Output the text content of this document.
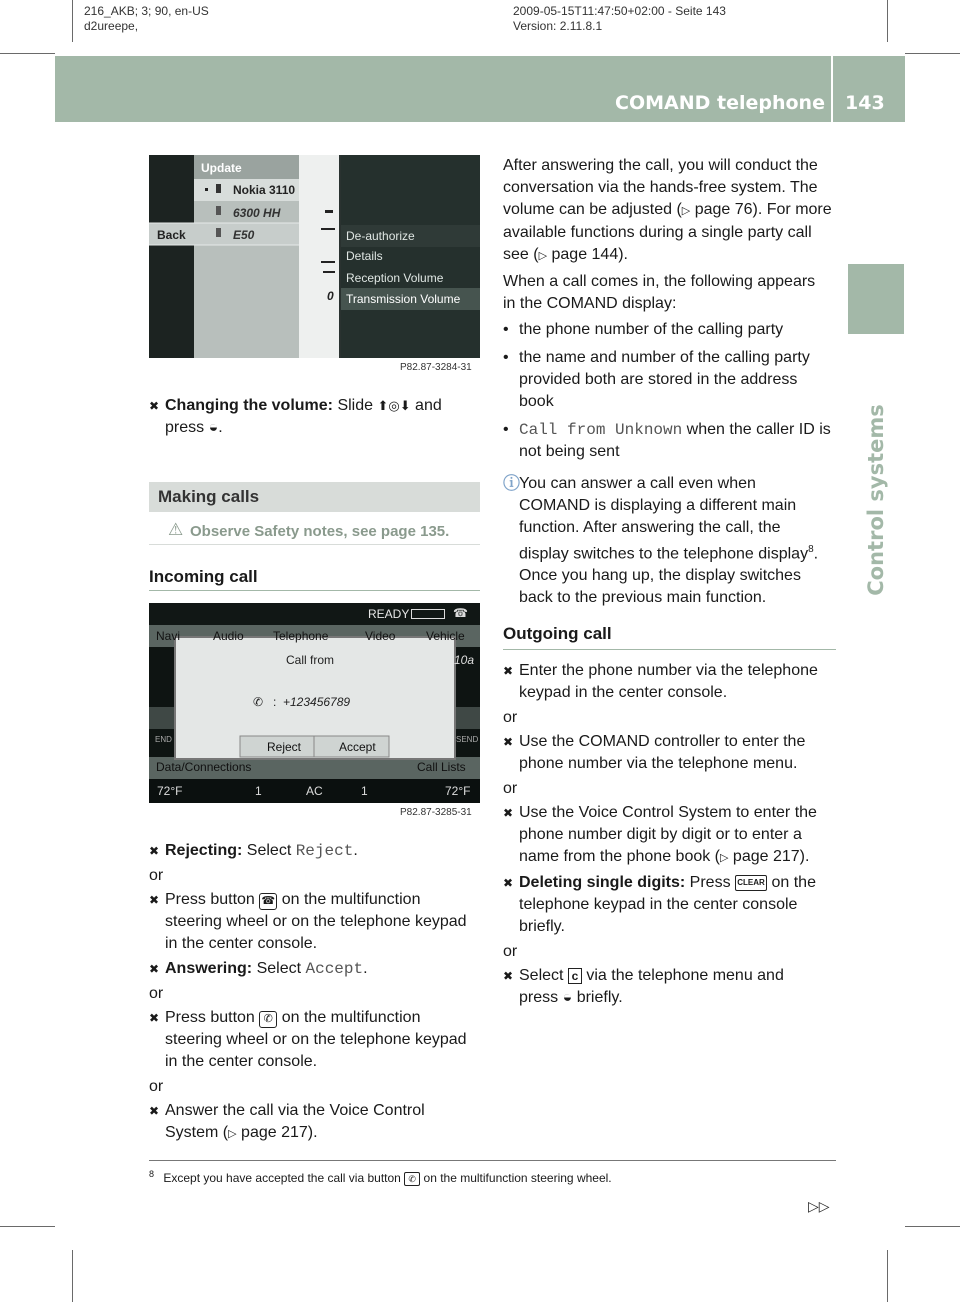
216_AKB; 3; 90, en-US
d2ureepe,
2009-05-15T11:47:50+02:00 - Seite 143
Version: 2.11.8.1
COMAND telephone 143
Control systems
Update
Nokia 3110
6300 HH
Back	E50
0
De-authorize
Details
Reception Volume
Transmission Volume
P82.87-3284-31
✖ Changing the volume: Slide ⬆◎⬇ and
press ◒.
Making calls
⚠ Observe Safety notes, see page 135.
Incoming call
READY	☎
Navi	Audio Telephone	Video	Vehicle
Call from
✆ : +123456789
Reject	Accept
10a
END	SEND
Data/Connections	Call Lists
72°F	1	AC	1	72°F
P82.87-3285-31
✖ Rejecting: Select Reject.
or
✖ Press button ☎ on the multifunction
steering wheel or on the telephone keypad
in the center console.
✖ Answering: Select Accept.
or
✖ Press button ✆ on the multifunction
steering wheel or on the telephone keypad
in the center console.
or
✖ Answer the call via the Voice Control
System (▷ page 217).
After answering the call, you will conduct the
conversation via the hands-free system. The
volume can be adjusted (▷ page 76). For more
available functions during a single party call
see (▷ page 144).
When a call comes in, the following appears
in the COMAND display:
• the phone number of the calling party
• the name and number of the calling party
provided both are stored in the address
book
• Call from Unknown when the caller ID is
not being sent
ⓘ You can answer a call even when
COMAND is displaying a different main
function. After answering the call, the
display switches to the telephone display$^8$.
Once you hang up, the display switches
back to the previous main function.
Outgoing call
✖ Enter the phone number via the telephone
keypad in the center console.
or
✖ Use the COMAND controller to enter the
phone number via the telephone menu.
or
✖ Use the Voice Control System to enter the
phone number digit by digit or to enter a
name from the phone book (▷ page 217).
✖ Deleting single digits: Press CLEAR on the
telephone keypad in the center console
briefly.
or
✖ Select c via the telephone menu and
press ◒ briefly.
$^8$ Except you have accepted the call via button ✆ on the multifunction steering wheel.
▷▷
